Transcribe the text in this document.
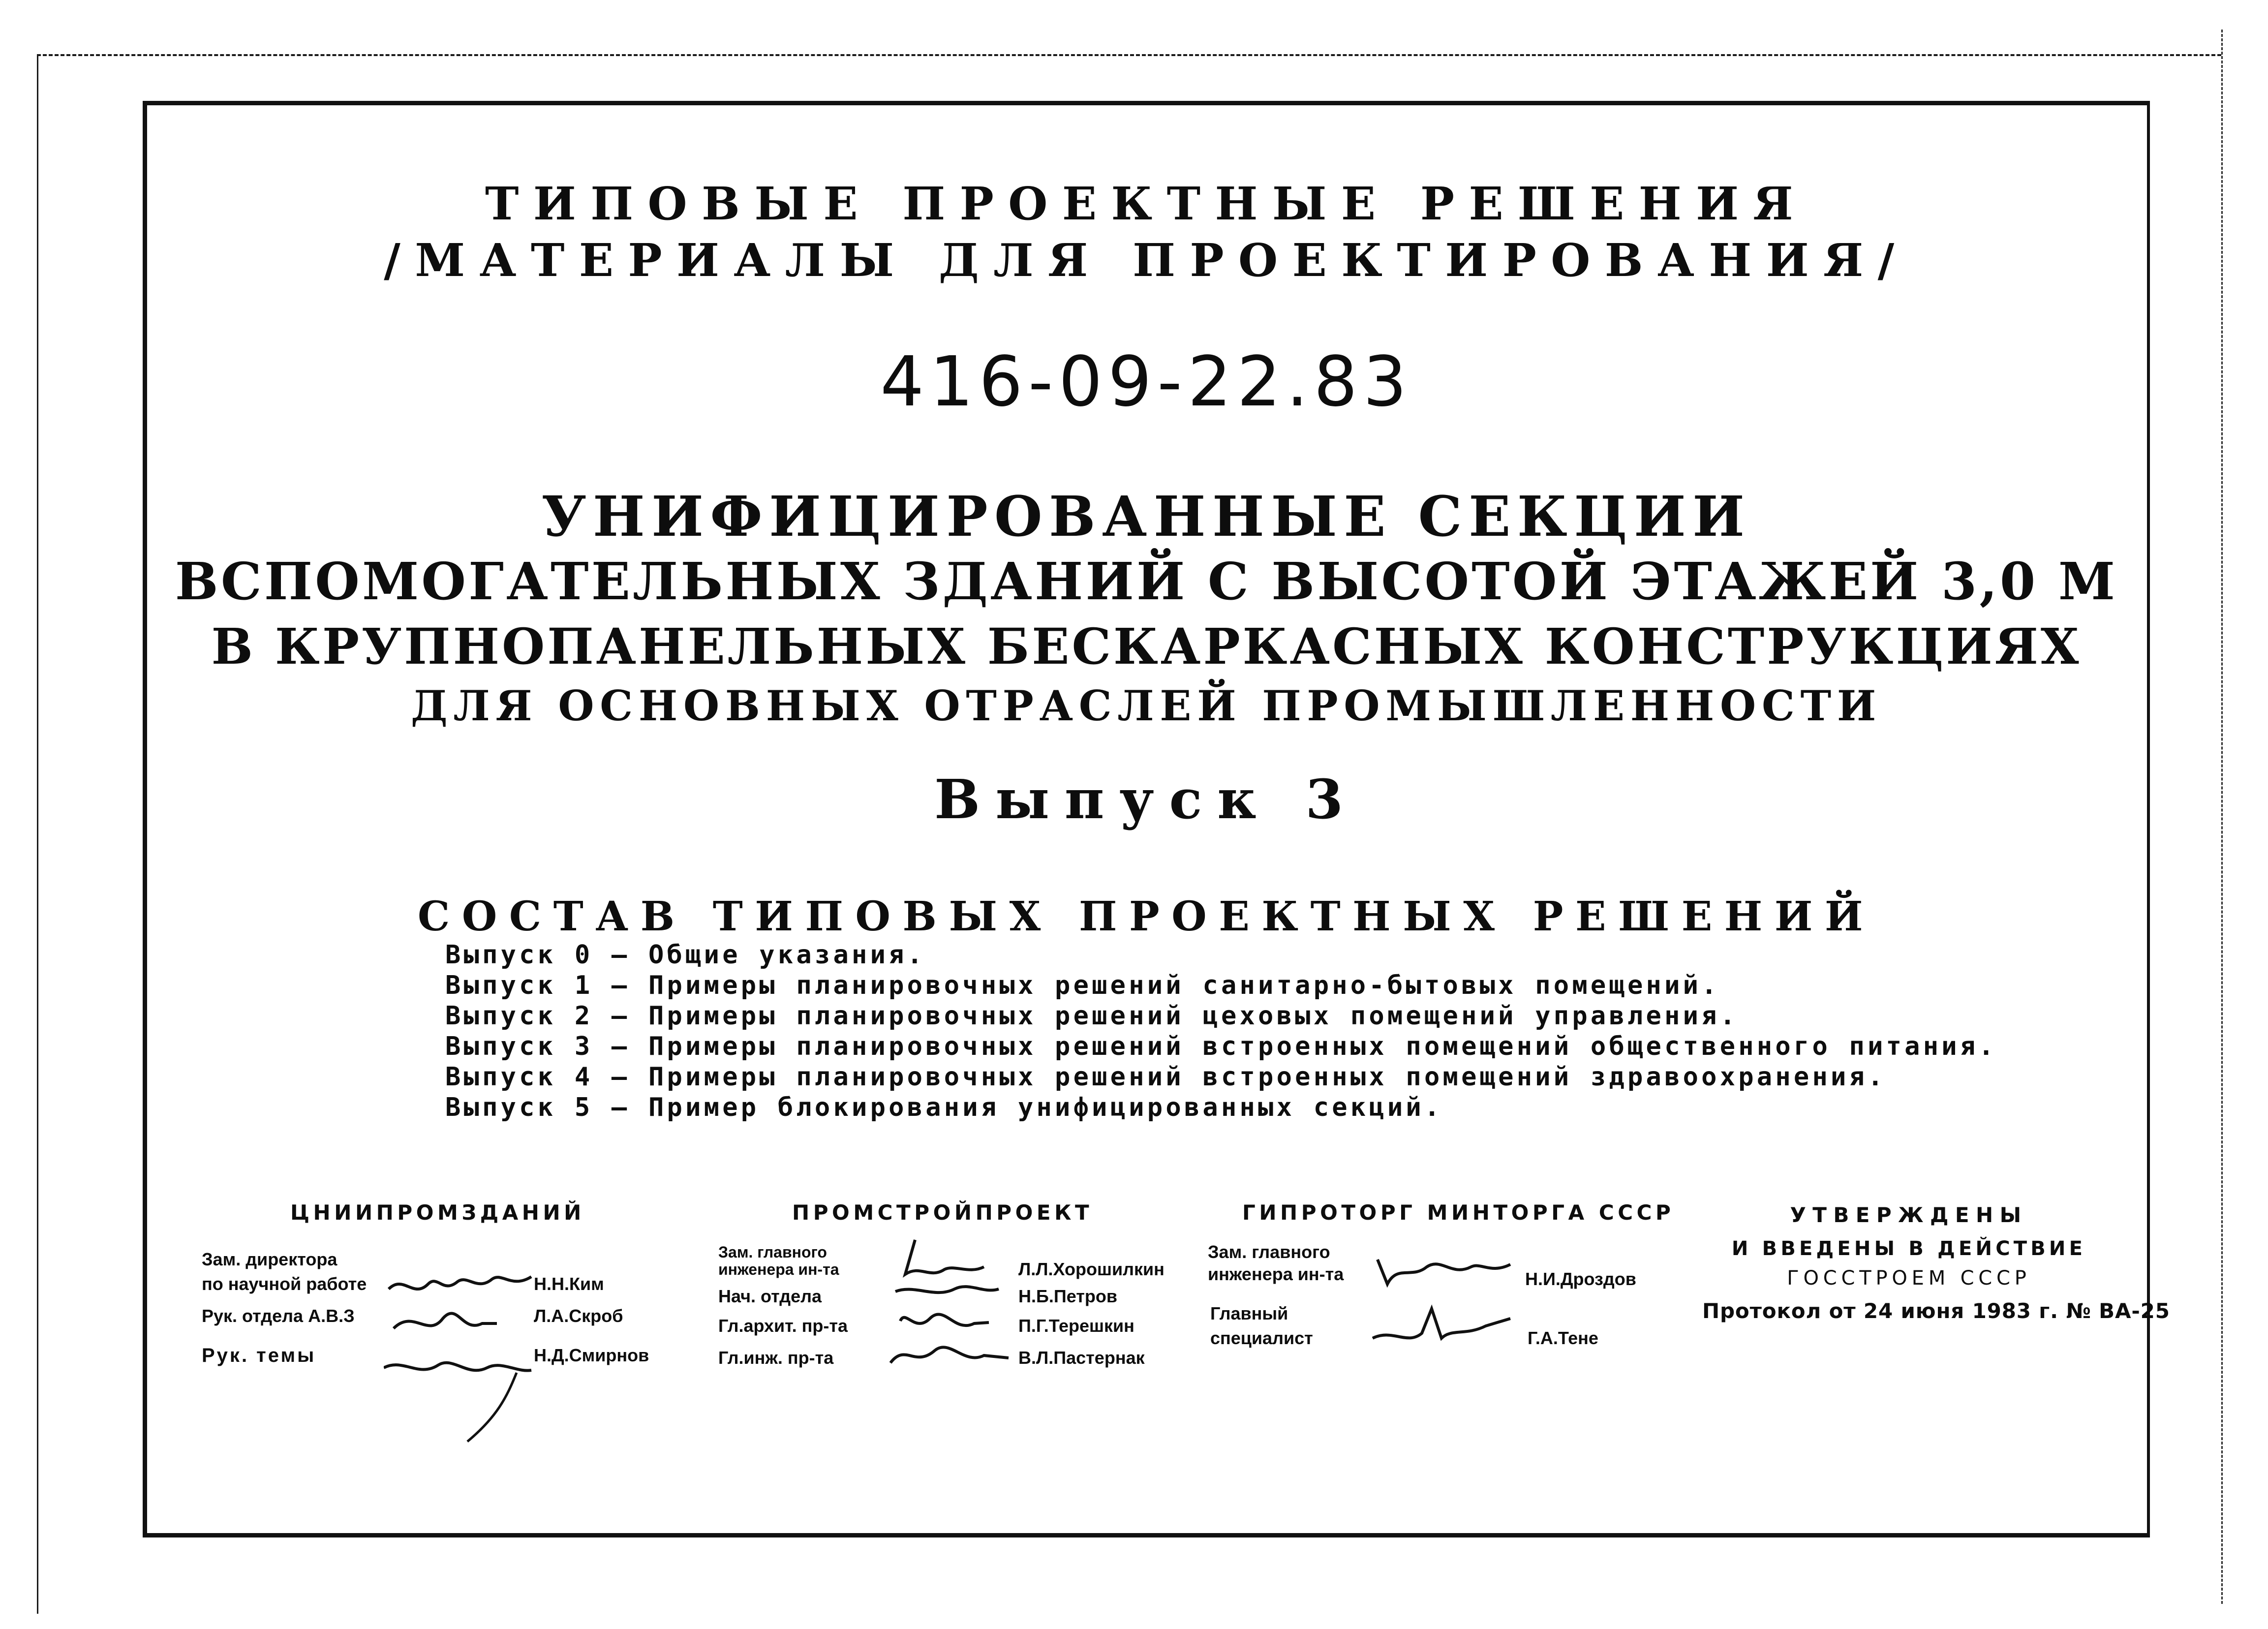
ТИПОВЫЕ ПРОЕКТНЫЕ РЕШЕНИЯ
/МАТЕРИАЛЫ ДЛЯ ПРОЕКТИРОВАНИЯ/
416-09-22.83
УНИФИЦИРОВАННЫЕ СЕКЦИИ
ВСПОМОГАТЕЛЬНЫХ ЗДАНИЙ С ВЫСОТОЙ ЭТАЖЕЙ 3,0 М
В КРУПНОПАНЕЛЬНЫХ БЕСКАРКАСНЫХ КОНСТРУКЦИЯХ
ДЛЯ ОСНОВНЫХ ОТРАСЛЕЙ ПРОМЫШЛЕННОСТИ
Выпуск 3
СОСТАВ ТИПОВЫХ ПРОЕКТНЫХ РЕШЕНИЙ
Выпуск 0 — Общие указания.
Выпуск 1 — Примеры планировочных решений санитарно-бытовых помещений.
Выпуск 2 — Примеры планировочных решений цеховых помещений управления.
Выпуск 3 — Примеры планировочных решений встроенных помещений общественного питания.
Выпуск 4 — Примеры планировочных решений встроенных помещений здравоохранения.
Выпуск 5 — Пример блокирования унифицированных секций.
ЦНИИПРОМЗДАНИЙ
Зам. директора
по научной работе	Н.Н.Ким
Рук. отдела А.В.З	Л.А.Скроб
Рук. темы	Н.Д.Смирнов
ПРОМСТРОЙПРОЕКТ
Зам. главного
инженера ин-та	Л.Л.Хорошилкин
Нач. отдела	Н.Б.Петров
Гл.архит. пр-та	П.Г.Терешкин
Гл.инж. пр-та	В.Л.Пастернак
ГИПРОТОРГ МИНТОРГА СССР
Зам. главного
инженера ин-та	Н.И.Дроздов
Главный
специалист	Г.А.Тене
УТВЕРЖДЕНЫ
И ВВЕДЕНЫ В ДЕЙСТВИЕ
ГОССТРОЕМ СССР
Протокол от 24 июня 1983 г. № ВА-25
